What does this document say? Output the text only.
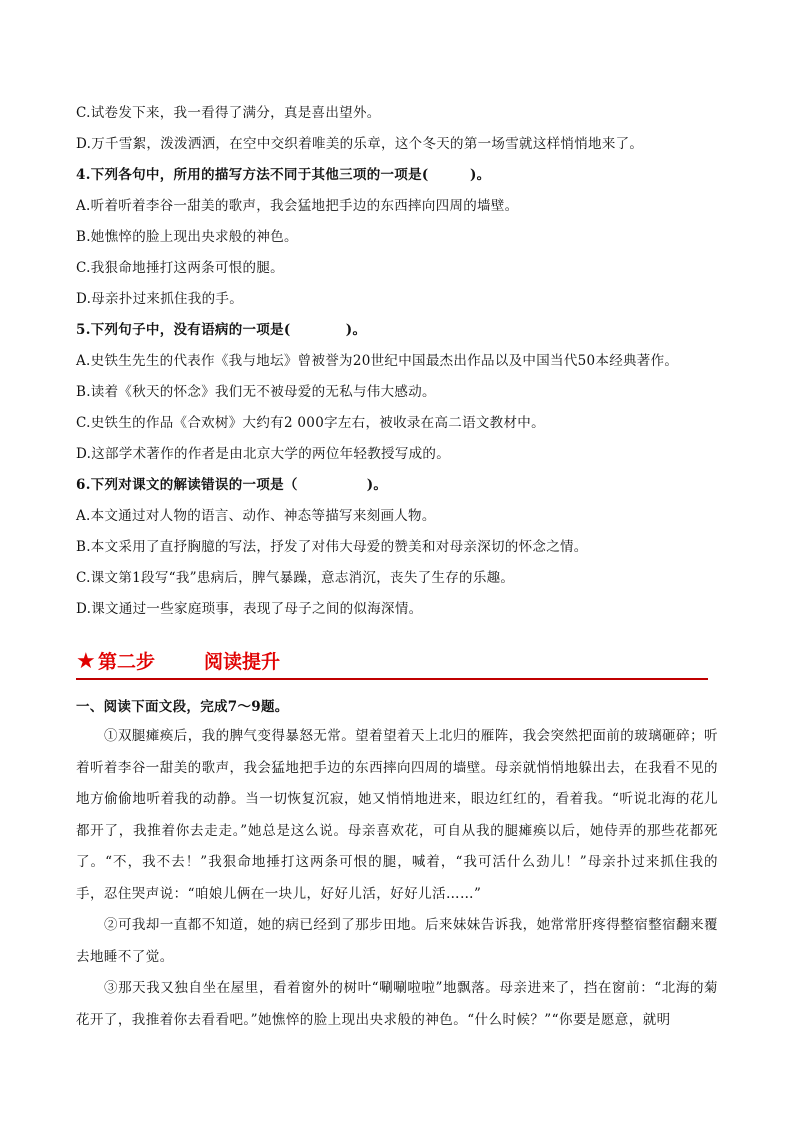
C.试卷发下来，我一看得了满分，真是喜出望外。
D.万千雪絮，泼泼洒洒，在空中交织着唯美的乐章，这个冬天的第一场雪就这样悄悄地来了。
4.下列各句中，所用的描写方法不同于其他三项的一项是(　　　)。
A.听着听着李谷一甜美的歌声，我会猛地把手边的东西摔向四周的墙壁。
B.她憔悴的脸上现出央求般的神色。
C.我狠命地捶打这两条可恨的腿。
D.母亲扑过来抓住我的手。
5.下列句子中，没有语病的一项是(　　　　)。
A.史铁生先生的代表作《我与地坛》曾被誉为20世纪中国最杰出作品以及中国当代50本经典著作。
B.读着《秋天的怀念》我们无不被母爱的无私与伟大感动。
C.史铁生的作品《合欢树》大约有2 000字左右，被收录在高二语文教材中。
D.这部学术著作的作者是由北京大学的两位年轻教授写成的。
6.下列对课文的解读错误的一项是（　　　　　)。
A.本文通过对人物的语言、动作、神态等描写来刻画人物。
B.本文采用了直抒胸臆的写法，抒发了对伟大母爱的赞美和对母亲深切的怀念之情。
C.课文第1段写“我”患病后，脾气暴躁，意志消沉，丧失了生存的乐趣。
D.课文通过一些家庭琐事，表现了母子之间的似海深情。
★ 第二步	阅读提升
一、阅读下面文段，完成7～9题。
①双腿瘫痪后，我的脾气变得暴怒无常。望着望着天上北归的雁阵，我会突然把面前的玻璃砸碎；听着听着李谷一甜美的歌声，我会猛地把手边的东西摔向四周的墙壁。母亲就悄悄地躲出去，在我看不见的地方偷偷地听着我的动静。当一切恢复沉寂，她又悄悄地进来，眼边红红的，看着我。“听说北海的花儿都开了，我推着你去走走。”她总是这么说。母亲喜欢花，可自从我的腿瘫痪以后，她侍弄的那些花都死了。“不，我不去！”我狠命地捶打这两条可恨的腿，喊着，“我可活什么劲儿！”母亲扑过来抓住我的手，忍住哭声说：“咱娘儿俩在一块儿，好好儿活，好好儿活……”
②可我却一直都不知道，她的病已经到了那步田地。后来妹妹告诉我，她常常肝疼得整宿整宿翻来覆去地睡不了觉。
③那天我又独自坐在屋里，看着窗外的树叶“唰唰啦啦”地飘落。母亲进来了，挡在窗前：“北海的菊花开了，我推着你去看看吧。”她憔悴的脸上现出央求般的神色。“什么时候？”“你要是愿意，就明
